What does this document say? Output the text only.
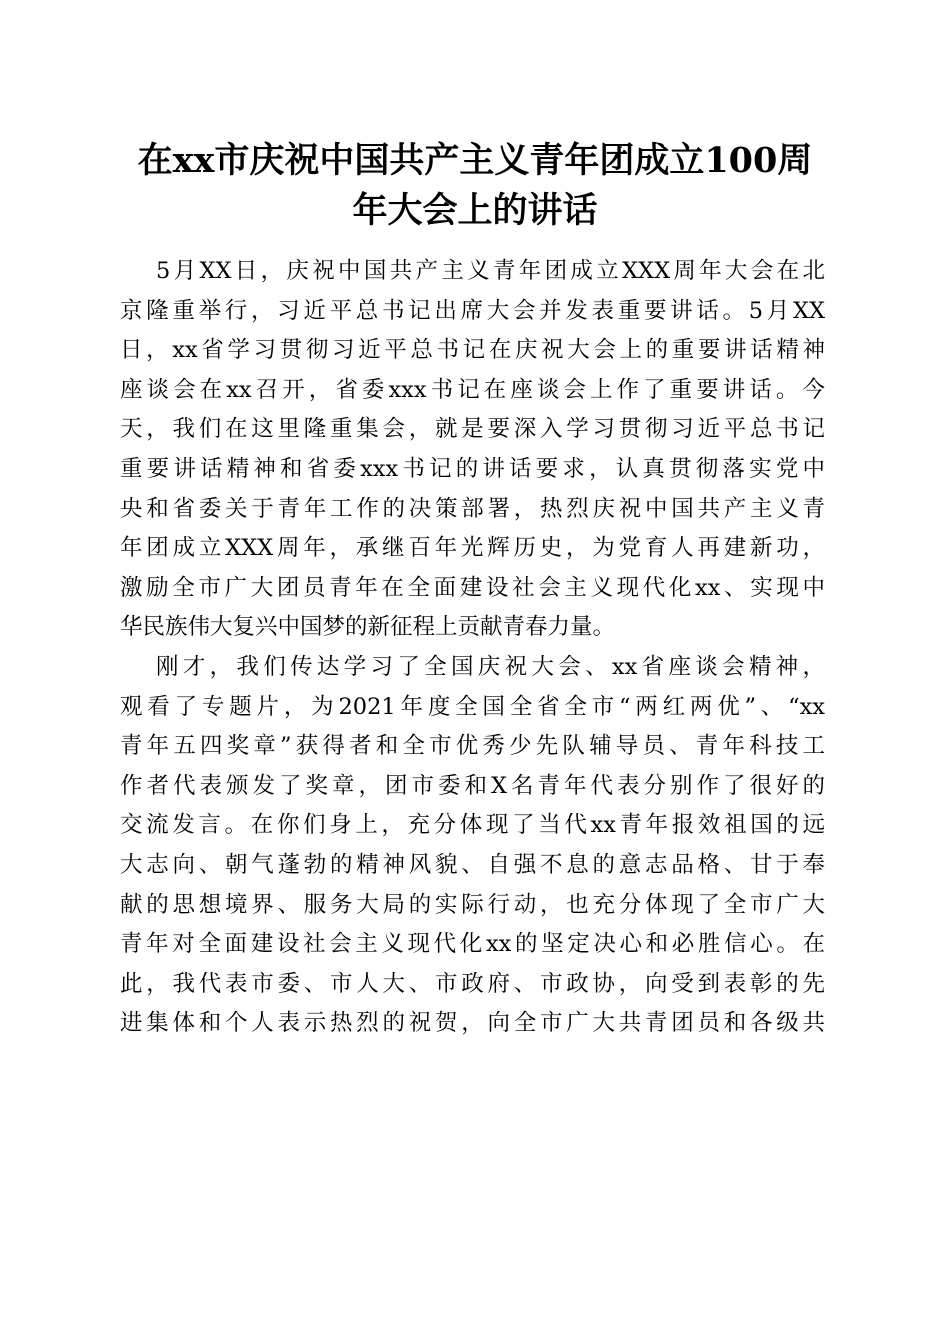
在xx市庆祝中国共产主义青年团成立100周
年大会上的讲话
5月XX日，庆祝中国共产主义青年团成立XXX周年大会在北
京隆重举行，习近平总书记出席大会并发表重要讲话。5月XX
日，xx省学习贯彻习近平总书记在庆祝大会上的重要讲话精神
座谈会在xx召开，省委xxx书记在座谈会上作了重要讲话。今
天，我们在这里隆重集会，就是要深入学习贯彻习近平总书记
重要讲话精神和省委xxx书记的讲话要求，认真贯彻落实党中
央和省委关于青年工作的决策部署，热烈庆祝中国共产主义青
年团成立XXX周年，承继百年光辉历史，为党育人再建新功，
激励全市广大团员青年在全面建设社会主义现代化xx、实现中
华民族伟大复兴中国梦的新征程上贡献青春力量。
刚才，我们传达学习了全国庆祝大会、xx省座谈会精神，
观看了专题片，为2021年度全国全省全市“两红两优”、“xx
青年五四奖章”获得者和全市优秀少先队辅导员、青年科技工
作者代表颁发了奖章，团市委和X名青年代表分别作了很好的
交流发言。在你们身上，充分体现了当代xx青年报效祖国的远
大志向、朝气蓬勃的精神风貌、自强不息的意志品格、甘于奉
献的思想境界、服务大局的实际行动，也充分体现了全市广大
青年对全面建设社会主义现代化xx的坚定决心和必胜信心。在
此，我代表市委、市人大、市政府、市政协，向受到表彰的先
进集体和个人表示热烈的祝贺，向全市广大共青团员和各级共
